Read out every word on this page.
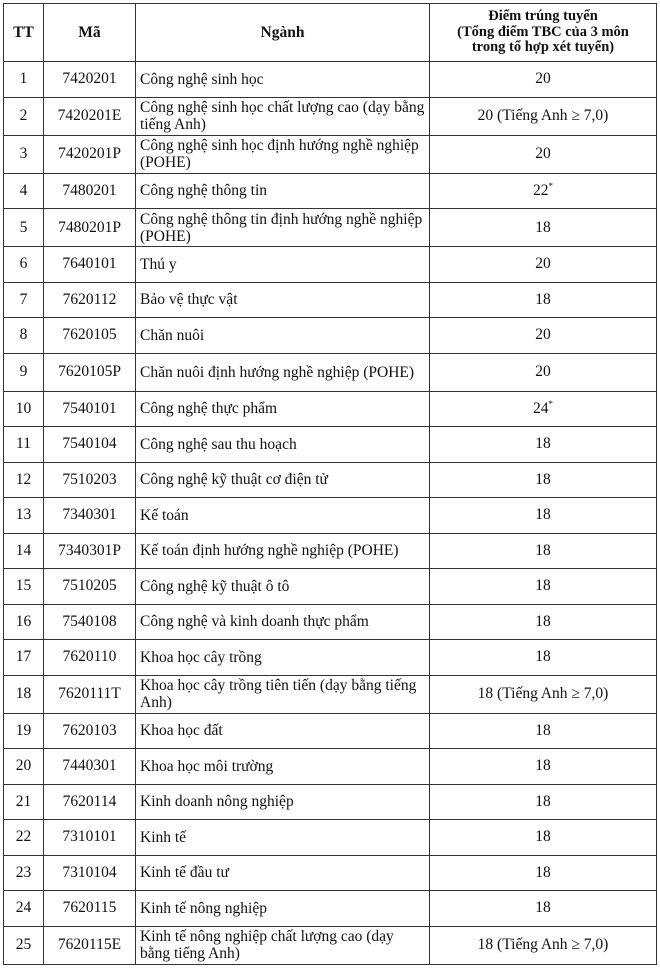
TT	Mã	Ngành	Điểm trúng tuyển
(Tổng điểm TBC của 3 môn
trong tổ hợp xét tuyển)

1	7420201	Công nghệ sinh học	20
2	7420201E	Công nghệ sinh học chất lượng cao (dạy bằng tiếng Anh)	20 (Tiếng Anh ≥ 7,0)
3	7420201P	Công nghệ sinh học định hướng nghề nghiệp (POHE)	20
4	7480201	Công nghệ thông tin	22*
5	7480201P	Công nghệ thông tin định hướng nghề nghiệp (POHE)	18
6	7640101	Thú y	20
7	7620112	Bảo vệ thực vật	18
8	7620105	Chăn nuôi	20
9	7620105P	Chăn nuôi định hướng nghề nghiệp (POHE)	20
10	7540101	Công nghệ thực phẩm	24*
11	7540104	Công nghệ sau thu hoạch	18
12	7510203	Công nghệ kỹ thuật cơ điện tử	18
13	7340301	Kế toán	18
14	7340301P	Kế toán định hướng nghề nghiệp (POHE)	18
15	7510205	Công nghệ kỹ thuật ô tô	18
16	7540108	Công nghệ và kinh doanh thực phẩm	18
17	7620110	Khoa học cây trồng	18
18	7620111T	Khoa học cây trồng tiên tiến (dạy bằng tiếng Anh)	18 (Tiếng Anh ≥ 7,0)
19	7620103	Khoa học đất	18
20	7440301	Khoa học môi trường	18
21	7620114	Kinh doanh nông nghiệp	18
22	7310101	Kinh tế	18
23	7310104	Kinh tế đầu tư	18
24	7620115	Kinh tế nông nghiệp	18
25	7620115E	Kinh tế nông nghiệp chất lượng cao (dạy bằng tiếng Anh)	18 (Tiếng Anh ≥ 7,0)
